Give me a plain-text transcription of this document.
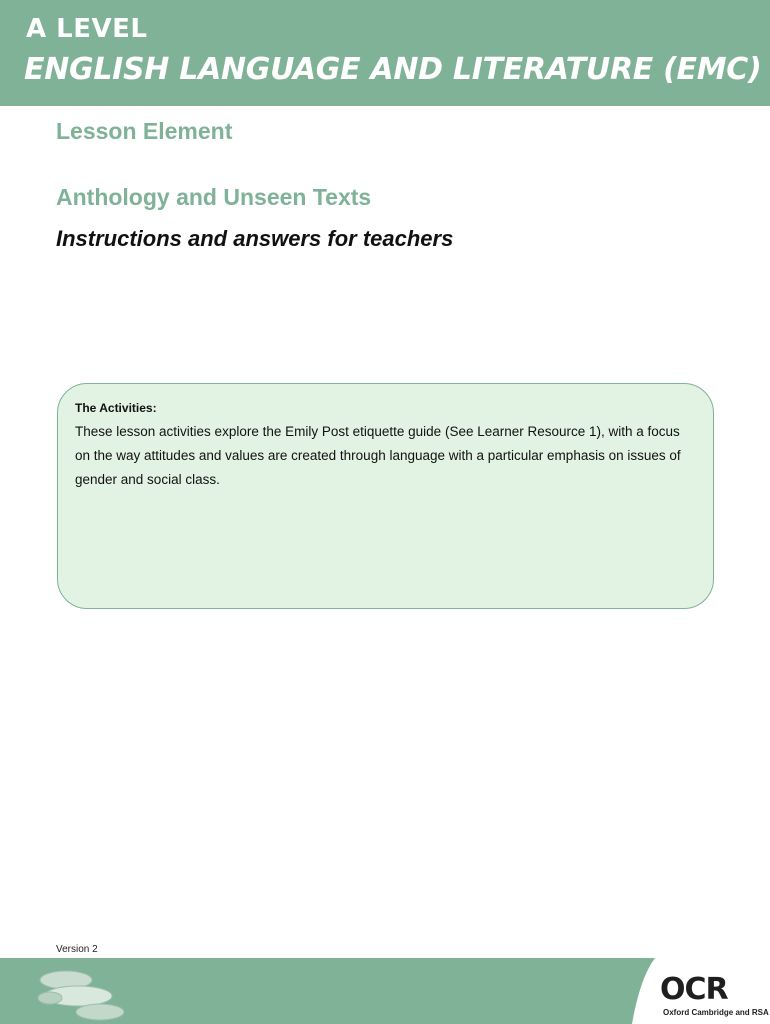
A LEVEL
ENGLISH LANGUAGE AND LITERATURE (EMC)
Lesson Element
Anthology and Unseen Texts
Instructions and answers for teachers
The Activities:
These lesson activities explore the Emily Post etiquette guide (See Learner Resource 1), with a focus on the way attitudes and values are created through language with a particular emphasis on issues of gender and social class.
Version 2
OCR
Oxford Cambridge and RSA
